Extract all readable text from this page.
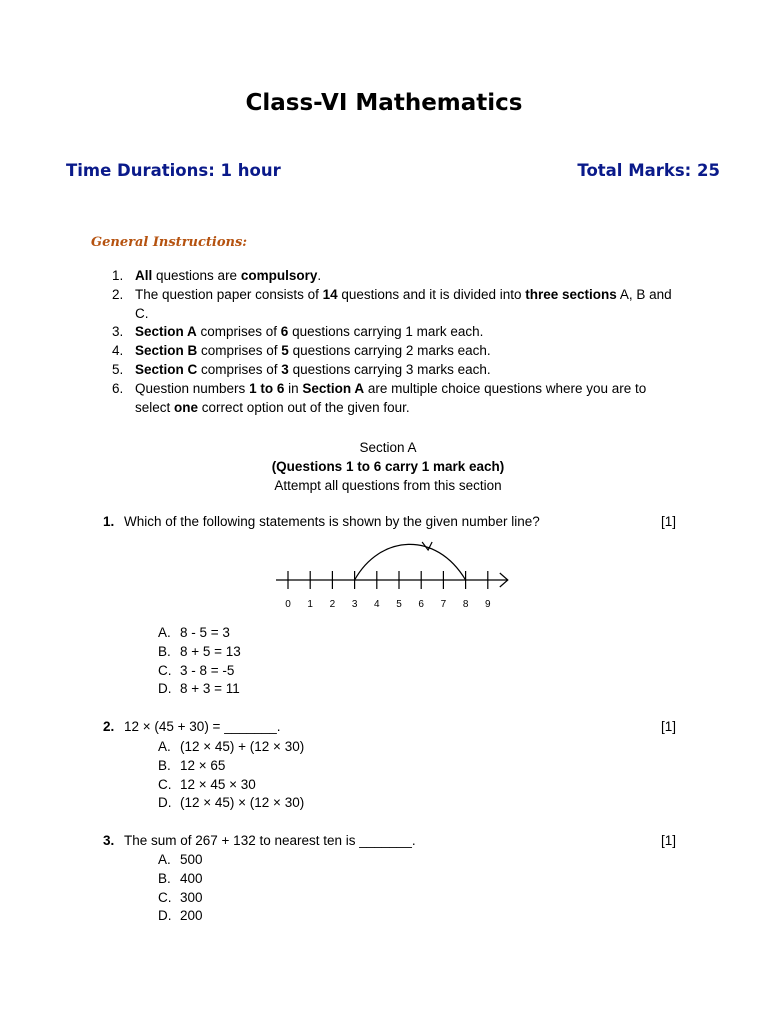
Class-VI Mathematics
Time Durations: 1 hour	Total Marks: 25
General Instructions:
1. All questions are compulsory.
2. The question paper consists of 14 questions and it is divided into three sections A, B and C.
3. Section A comprises of 6 questions carrying 1 mark each.
4. Section B comprises of 5 questions carrying 2 marks each.
5. Section C comprises of 3 questions carrying 3 marks each.
6. Question numbers 1 to 6 in Section A are multiple choice questions where you are to select one correct option out of the given four.
Section A
(Questions 1 to 6 carry 1 mark each)
Attempt all questions from this section
1. Which of the following statements is shown by the given number line?	[1]
0 1 2 3 4 5 6 7 8 9
A. 8 - 5 = 3
B. 8 + 5 = 13
C. 3 - 8 = -5
D. 8 + 3 = 11
2. 12 × (45 + 30) = _______.	[1]
A. (12 × 45) + (12 × 30)
B. 12 × 65
C. 12 × 45 × 30
D. (12 × 45) × (12 × 30)
3. The sum of 267 + 132 to nearest ten is _______.	[1]
A. 500
B. 400
C. 300
D. 200
